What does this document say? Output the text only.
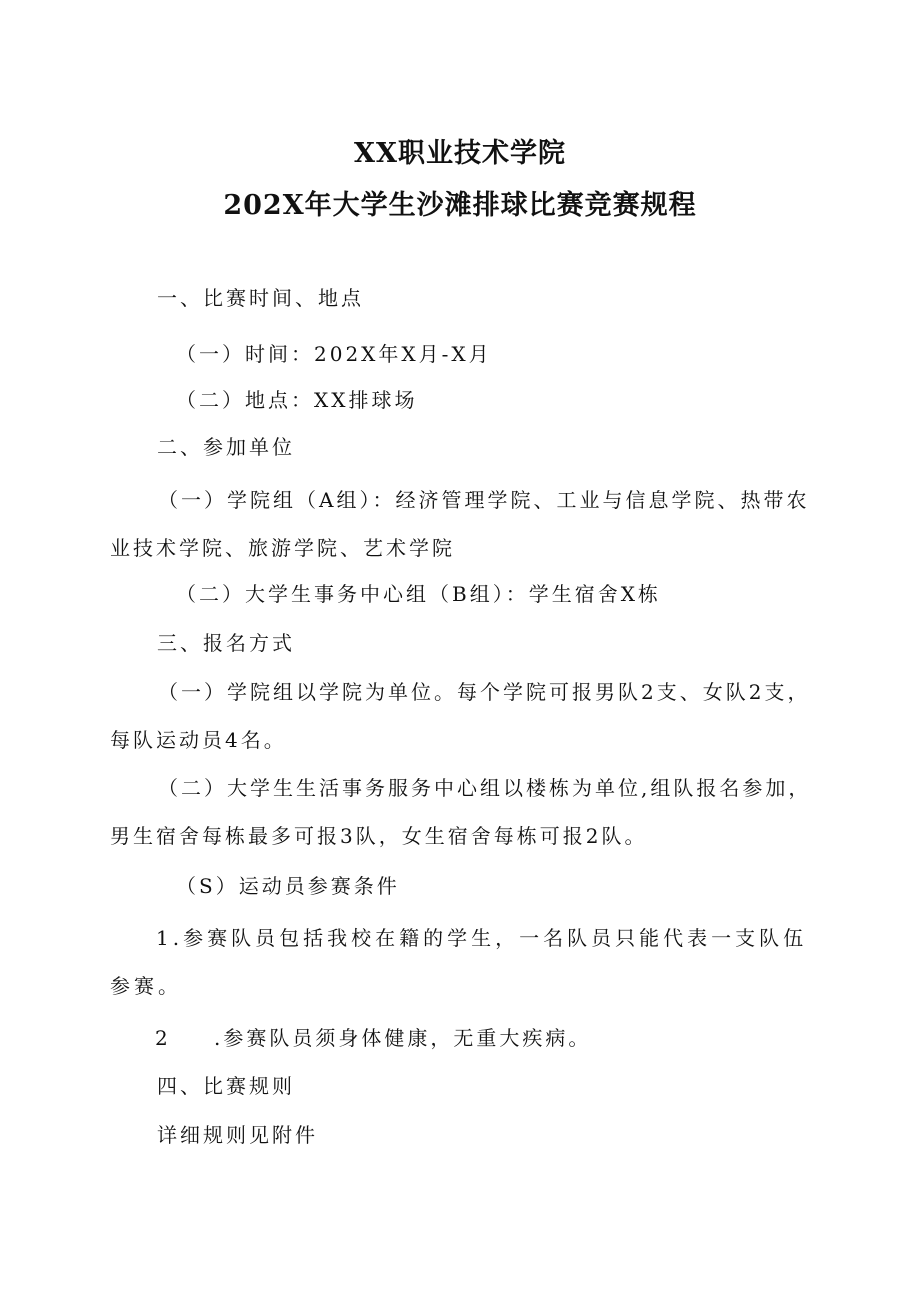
XX职业技术学院
202X年大学生沙滩排球比赛竞赛规程
一、比赛时间、地点
（一）时间：202X年X月-X月
（二）地点：XX排球场
二、参加单位
（一）学院组（A组）：经济管理学院、工业与信息学院、热带农业技术学院、旅游学院、艺术学院
（二）大学生事务中心组（B组）：学生宿舍X栋
三、报名方式
（一）学院组以学院为单位。每个学院可报男队2支、女队2支，每队运动员4名。
（二）大学生生活事务服务中心组以楼栋为单位,组队报名参加，男生宿舍每栋最多可报3队，女生宿舍每栋可报2队。
（S）运动员参赛条件
1.参赛队员包括我校在籍的学生，一名队员只能代表一支队伍参赛。
2 .参赛队员须身体健康，无重大疾病。
四、比赛规则
详细规则见附件
